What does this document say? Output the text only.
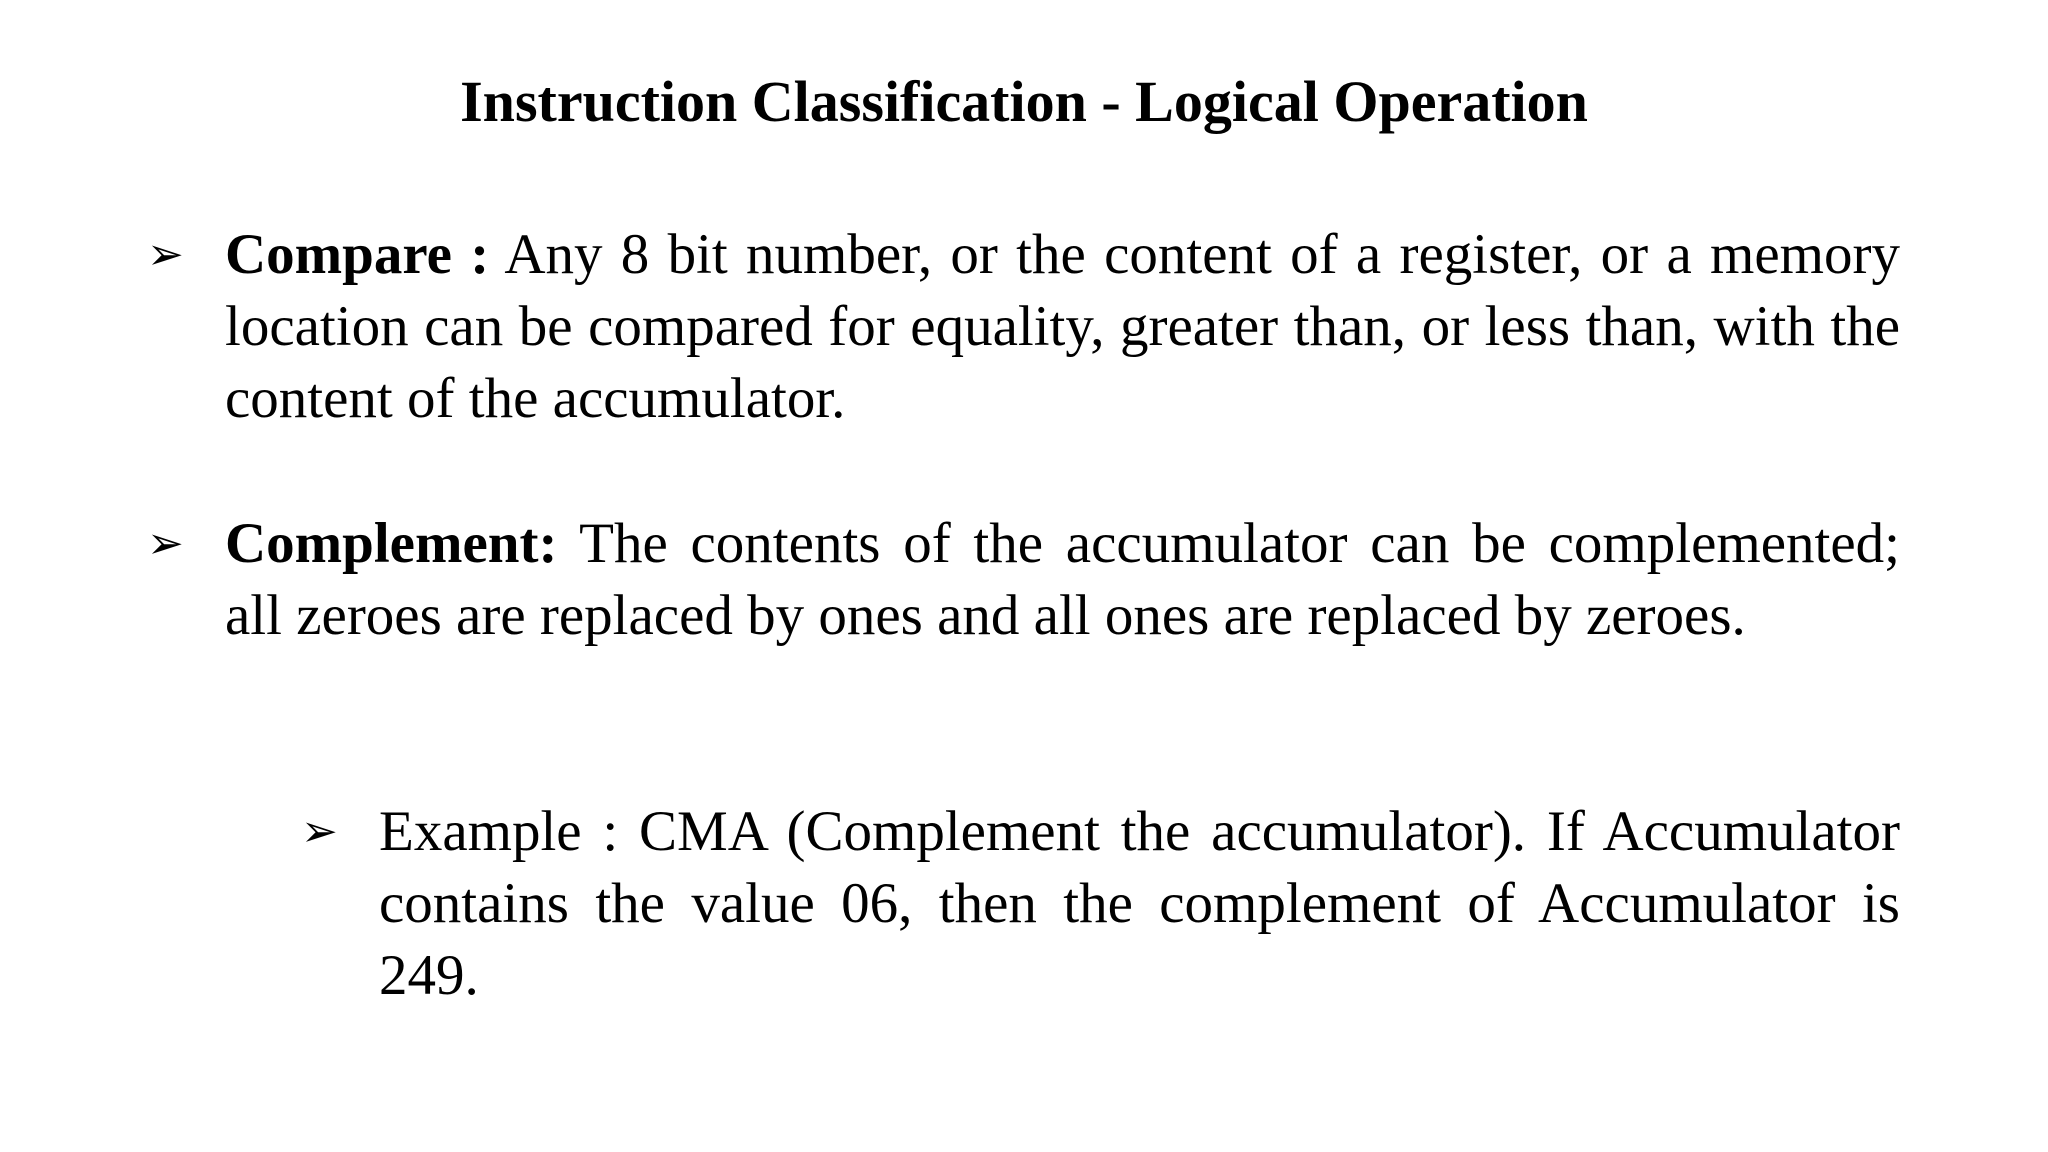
Instruction Classification - Logical Operation

➢ Compare : Any 8 bit number, or the content of a register, or a memory location can be compared for equality, greater than, or less than, with the content of the accumulator.

➢ Complement: The contents of the accumulator can be complemented; all zeroes are replaced by ones and all ones are replaced by zeroes.

➢ Example : CMA (Complement the accumulator). If Accumulator contains the value 06, then the complement of Accumulator is 249.
